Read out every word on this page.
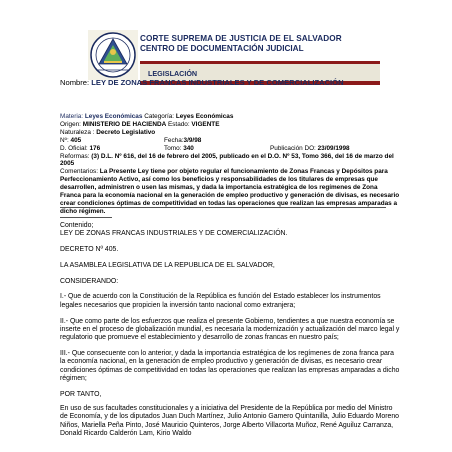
CORTE SUPREMA DE JUSTICIA DE EL SALVADOR
CENTRO DE DOCUMENTACIÓN JUDICIAL
LEGISLACIÓN
Nombre: LEY DE ZONAS FRANCAS INDUSTRIALES Y DE COMERCIALIZACIÓN
Materia: Leyes Económicas Categoría: Leyes Económicas
Origen: MINISTERIO DE HACIENDA Estado: VIGENTE
Naturaleza : Decreto Legislativo
Nº: 405	Fecha:3/9/98
D. Oficial: 176	Tomo: 340	Publicación DO: 23/09/1998
Reformas: (3) D.L. Nº 616, del 16 de febrero del 2005, publicado en el D.O. Nº 53, Tomo 366, del 16 de marzo del 2005
Comentarios: La Presente Ley tiene por objeto regular el funcionamiento de Zonas Francas y Depósitos para Perfeccionamiento Activo, así como los beneficios y responsabilidades de los titulares de empresas que desarrollen, administren o usen las mismas, y dada la importancia estratégica de los regímenes de Zona Franca para la economía nacional en la generación de empleo productivo y generación de divisas, es necesario crear condiciones óptimas de competitividad en todas las operaciones que realizan las empresas amparadas a dicho régimen.
Contenido;
LEY DE ZONAS FRANCAS INDUSTRIALES Y DE COMERCIALIZACIÓN.
DECRETO Nº 405.
LA ASAMBLEA LEGISLATIVA DE LA REPUBLICA DE EL SALVADOR,
CONSIDERANDO:
I.- Que de acuerdo con la Constitución de la República es función del Estado establecer los instrumentos legales necesarios que propicien la inversión tanto nacional como extranjera;
II.- Que como parte de los esfuerzos que realiza el presente Gobierno, tendientes a que nuestra economía se inserte en el proceso de globalización mundial, es necesaria la modernización y actualización del marco legal y regulatorio que promueve el establecimiento y desarrollo de zonas francas en nuestro país;
III.- Que consecuente con lo anterior, y dada la importancia estratégica de los regímenes de zona franca para la economía nacional, en la generación de empleo productivo y generación de divisas, es necesario crear condiciones óptimas de competitividad en todas las operaciones que realizan las empresas amparadas a dicho régimen;
POR TANTO,
En uso de sus facultades constitucionales y a iniciativa del Presidente de la República por medio del Ministro de Economía, y de los diputados Juan Duch Martínez, Julio Antonio Gamero Quintanilla, Julio Eduardo Moreno Niños, Mariella Peña Pinto, José Mauricio Quinteros, Jorge Alberto Villacorta Muñoz, René Aguiluz Carranza, Donald Ricardo Calderón Lam, Kirio Waldo
